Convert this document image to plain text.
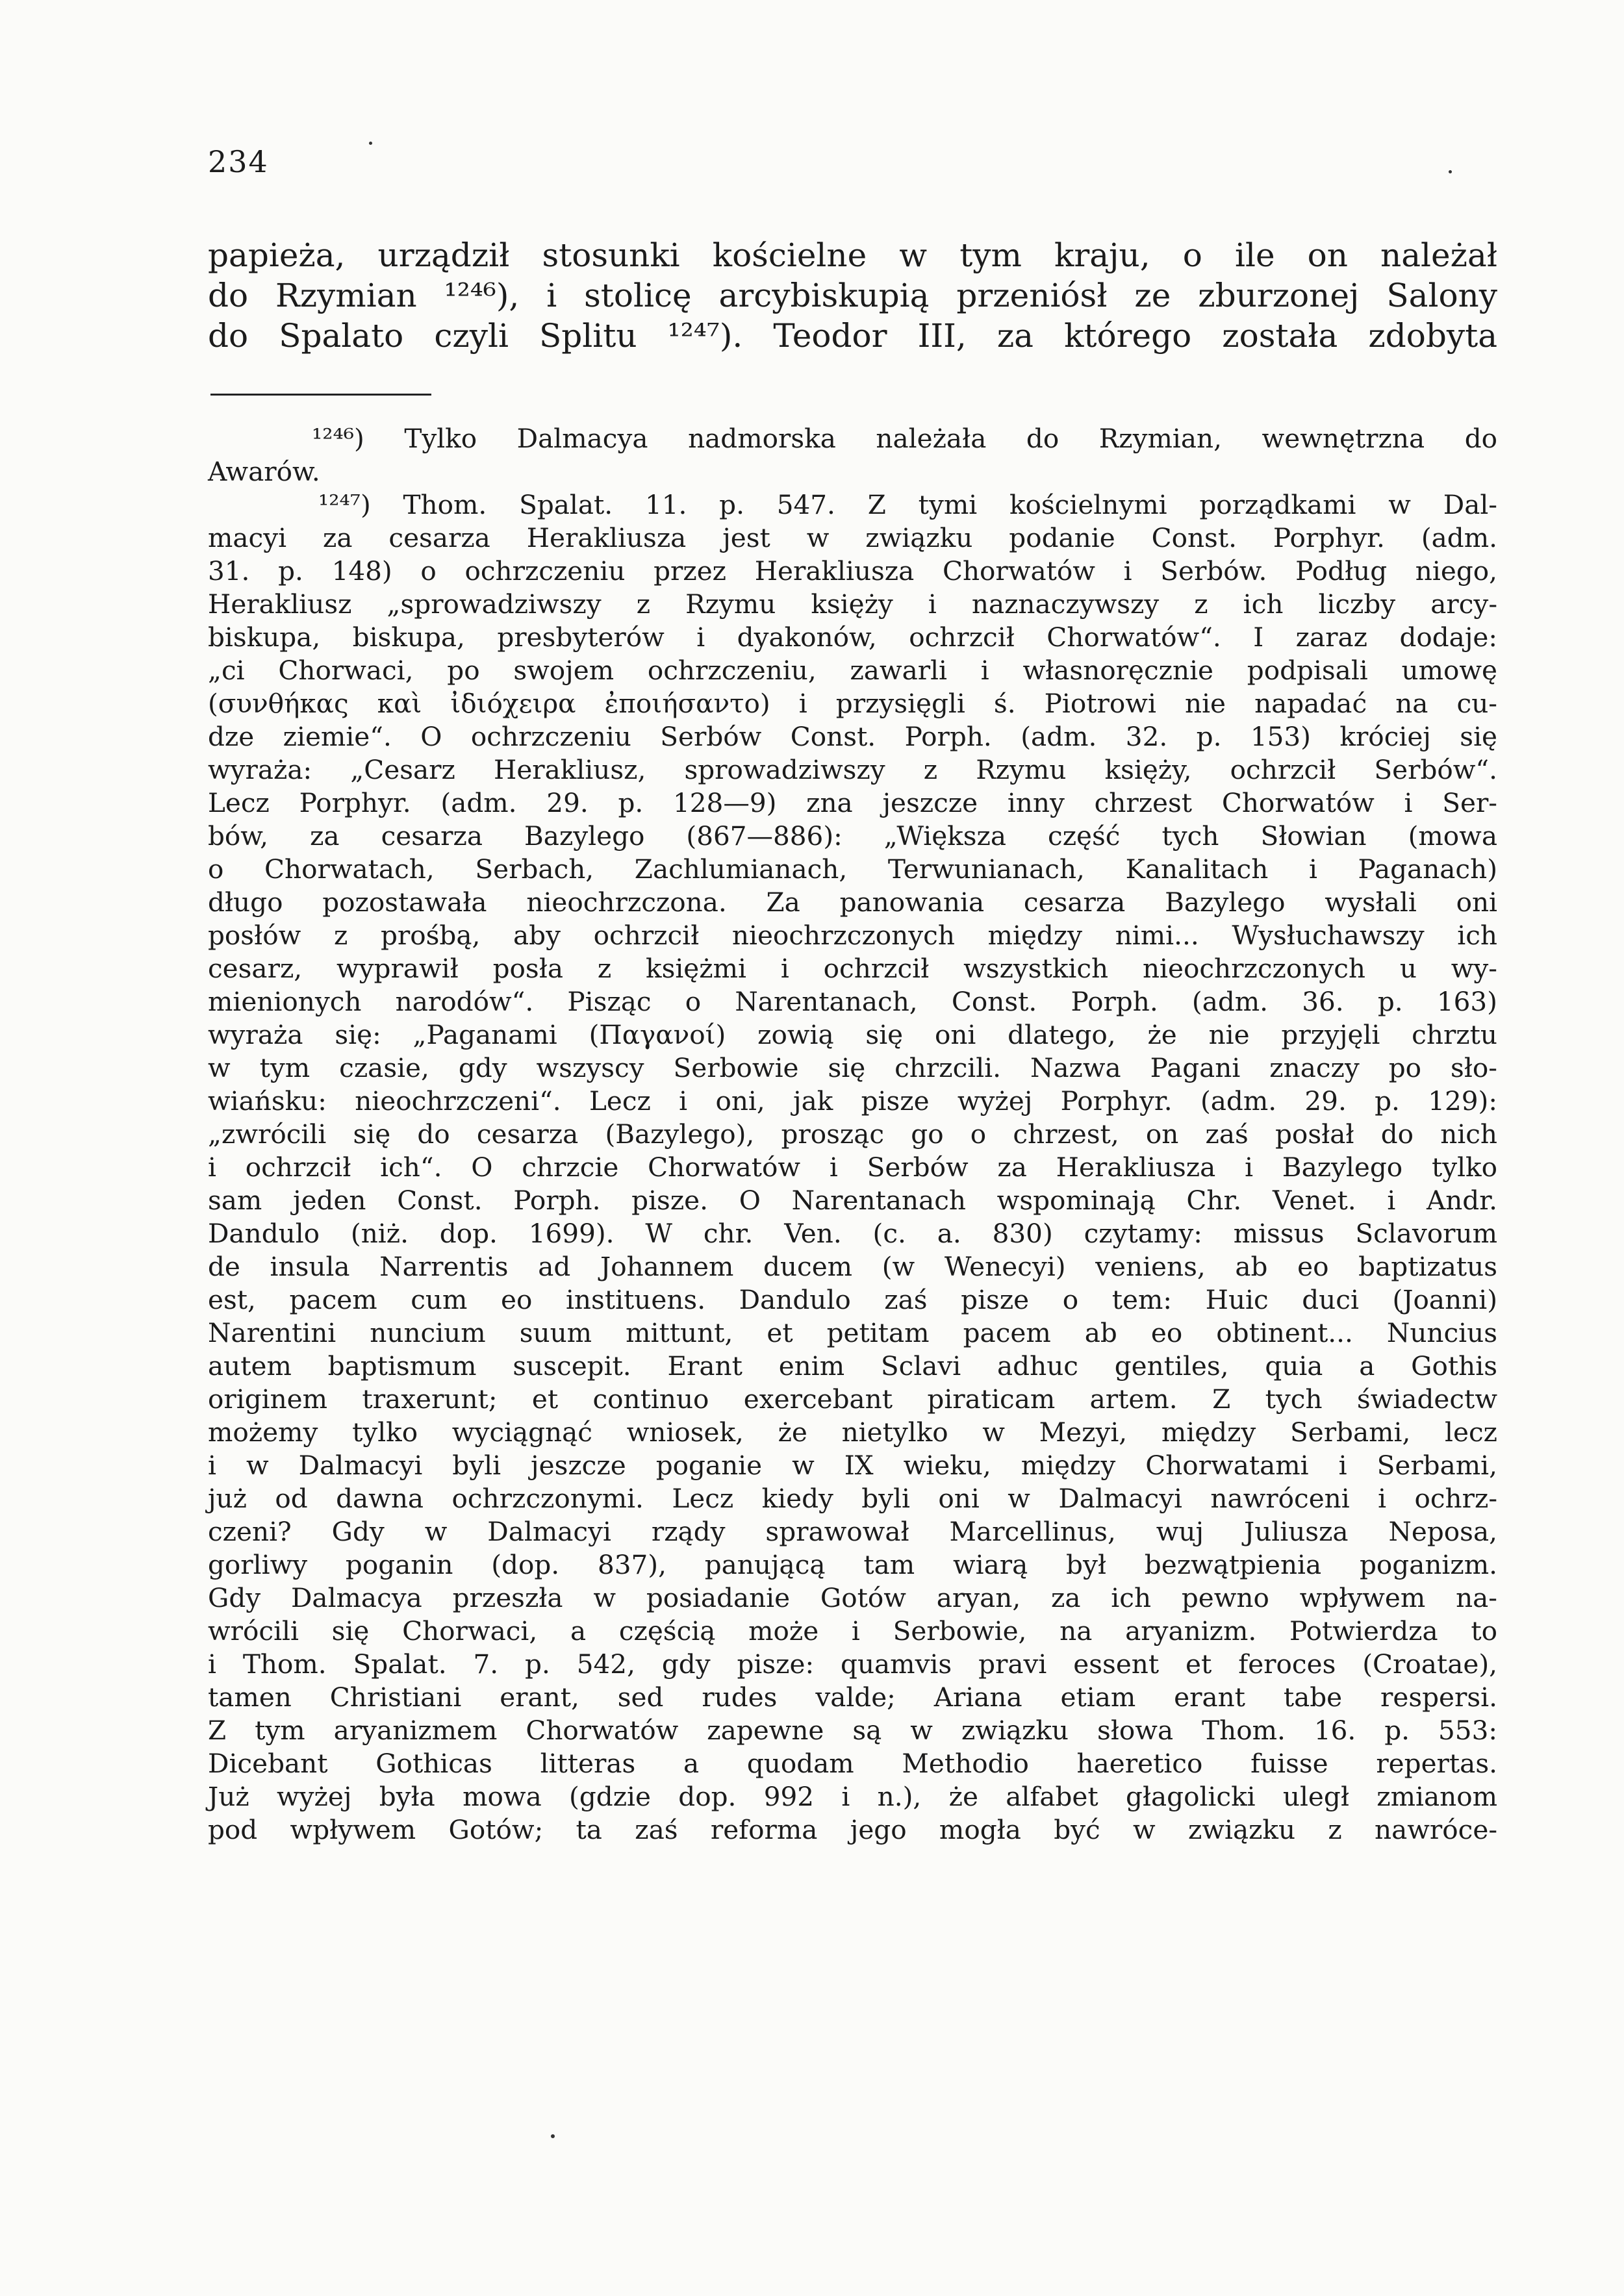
234
papieża, urządził stosunki kościelne w tym kraju, o ile on należał
do Rzymian ¹²⁴⁶), i stolicę arcybiskupią przeniósł ze zburzonej Salony
do Spalato czyli Splitu ¹²⁴⁷). Teodor III, za którego została zdobyta
¹²⁴⁶) Tylko Dalmacya nadmorska należała do Rzymian, wewnętrzna do
Awarów.
¹²⁴⁷) Thom. Spalat. 11. p. 547. Z tymi kościelnymi porządkami w Dal-
macyi za cesarza Herakliusza jest w związku podanie Const. Porphyr. (adm.
31. p. 148) o ochrzczeniu przez Herakliusza Chorwatów i Serbów. Podług niego,
Herakliusz „sprowadziwszy z Rzymu księży i naznaczywszy z ich liczby arcy-
biskupa, biskupa, presbyterów i dyakonów, ochrzcił Chorwatów“. I zaraz dodaje:
„ci Chorwaci, po swojem ochrzczeniu, zawarli i własnoręcznie podpisali umowę
(συνθήκας καὶ ἰδιόχειρα ἐποιήσαντο) i przysięgli ś. Piotrowi nie napadać na cu-
dze ziemie“. O ochrzczeniu Serbów Const. Porph. (adm. 32. p. 153) króciej się
wyraża: „Cesarz Herakliusz, sprowadziwszy z Rzymu księży, ochrzcił Serbów“.
Lecz Porphyr. (adm. 29. p. 128—9) zna jeszcze inny chrzest Chorwatów i Ser-
bów, za cesarza Bazylego (867—886): „Większa część tych Słowian (mowa
o Chorwatach, Serbach, Zachlumianach, Terwunianach, Kanalitach i Paganach)
długo pozostawała nieochrzczona. Za panowania cesarza Bazylego wysłali oni
posłów z prośbą, aby ochrzcił nieochrzczonych między nimi... Wysłuchawszy ich
cesarz, wyprawił posła z księżmi i ochrzcił wszystkich nieochrzczonych u wy-
mienionych narodów“. Pisząc o Narentanach, Const. Porph. (adm. 36. p. 163)
wyraża się: „Paganami (Παγανοί) zowią się oni dlatego, że nie przyjęli chrztu
w tym czasie, gdy wszyscy Serbowie się chrzcili. Nazwa Pagani znaczy po sło-
wiańsku: nieochrzczeni“. Lecz i oni, jak pisze wyżej Porphyr. (adm. 29. p. 129):
„zwrócili się do cesarza (Bazylego), prosząc go o chrzest, on zaś posłał do nich
i ochrzcił ich“. O chrzcie Chorwatów i Serbów za Herakliusza i Bazylego tylko
sam jeden Const. Porph. pisze. O Narentanach wspominają Chr. Venet. i Andr.
Dandulo (niż. dop. 1699). W chr. Ven. (c. a. 830) czytamy: missus Sclavorum
de insula Narrentis ad Johannem ducem (w Wenecyi) veniens, ab eo baptizatus
est, pacem cum eo instituens. Dandulo zaś pisze o tem: Huic duci (Joanni)
Narentini nuncium suum mittunt, et petitam pacem ab eo obtinent... Nuncius
autem baptismum suscepit. Erant enim Sclavi adhuc gentiles, quia a Gothis
originem traxerunt; et continuo exercebant piraticam artem. Z tych świadectw
możemy tylko wyciągnąć wniosek, że nietylko w Mezyi, między Serbami, lecz
i w Dalmacyi byli jeszcze poganie w IX wieku, między Chorwatami i Serbami,
już od dawna ochrzczonymi. Lecz kiedy byli oni w Dalmacyi nawróceni i ochrz-
czeni? Gdy w Dalmacyi rządy sprawował Marcellinus, wuj Juliusza Neposa,
gorliwy poganin (dop. 837), panującą tam wiarą był bezwątpienia poganizm.
Gdy Dalmacya przeszła w posiadanie Gotów aryan, za ich pewno wpływem na-
wrócili się Chorwaci, a częścią może i Serbowie, na aryanizm. Potwierdza to
i Thom. Spalat. 7. p. 542, gdy pisze: quamvis pravi essent et feroces (Croatae),
tamen Christiani erant, sed rudes valde; Ariana etiam erant tabe respersi.
Z tym aryanizmem Chorwatów zapewne są w związku słowa Thom. 16. p. 553:
Dicebant Gothicas litteras a quodam Methodio haeretico fuisse repertas.
Już wyżej była mowa (gdzie dop. 992 i n.), że alfabet głagolicki uległ zmianom
pod wpływem Gotów; ta zaś reforma jego mogła być w związku z nawróce-
